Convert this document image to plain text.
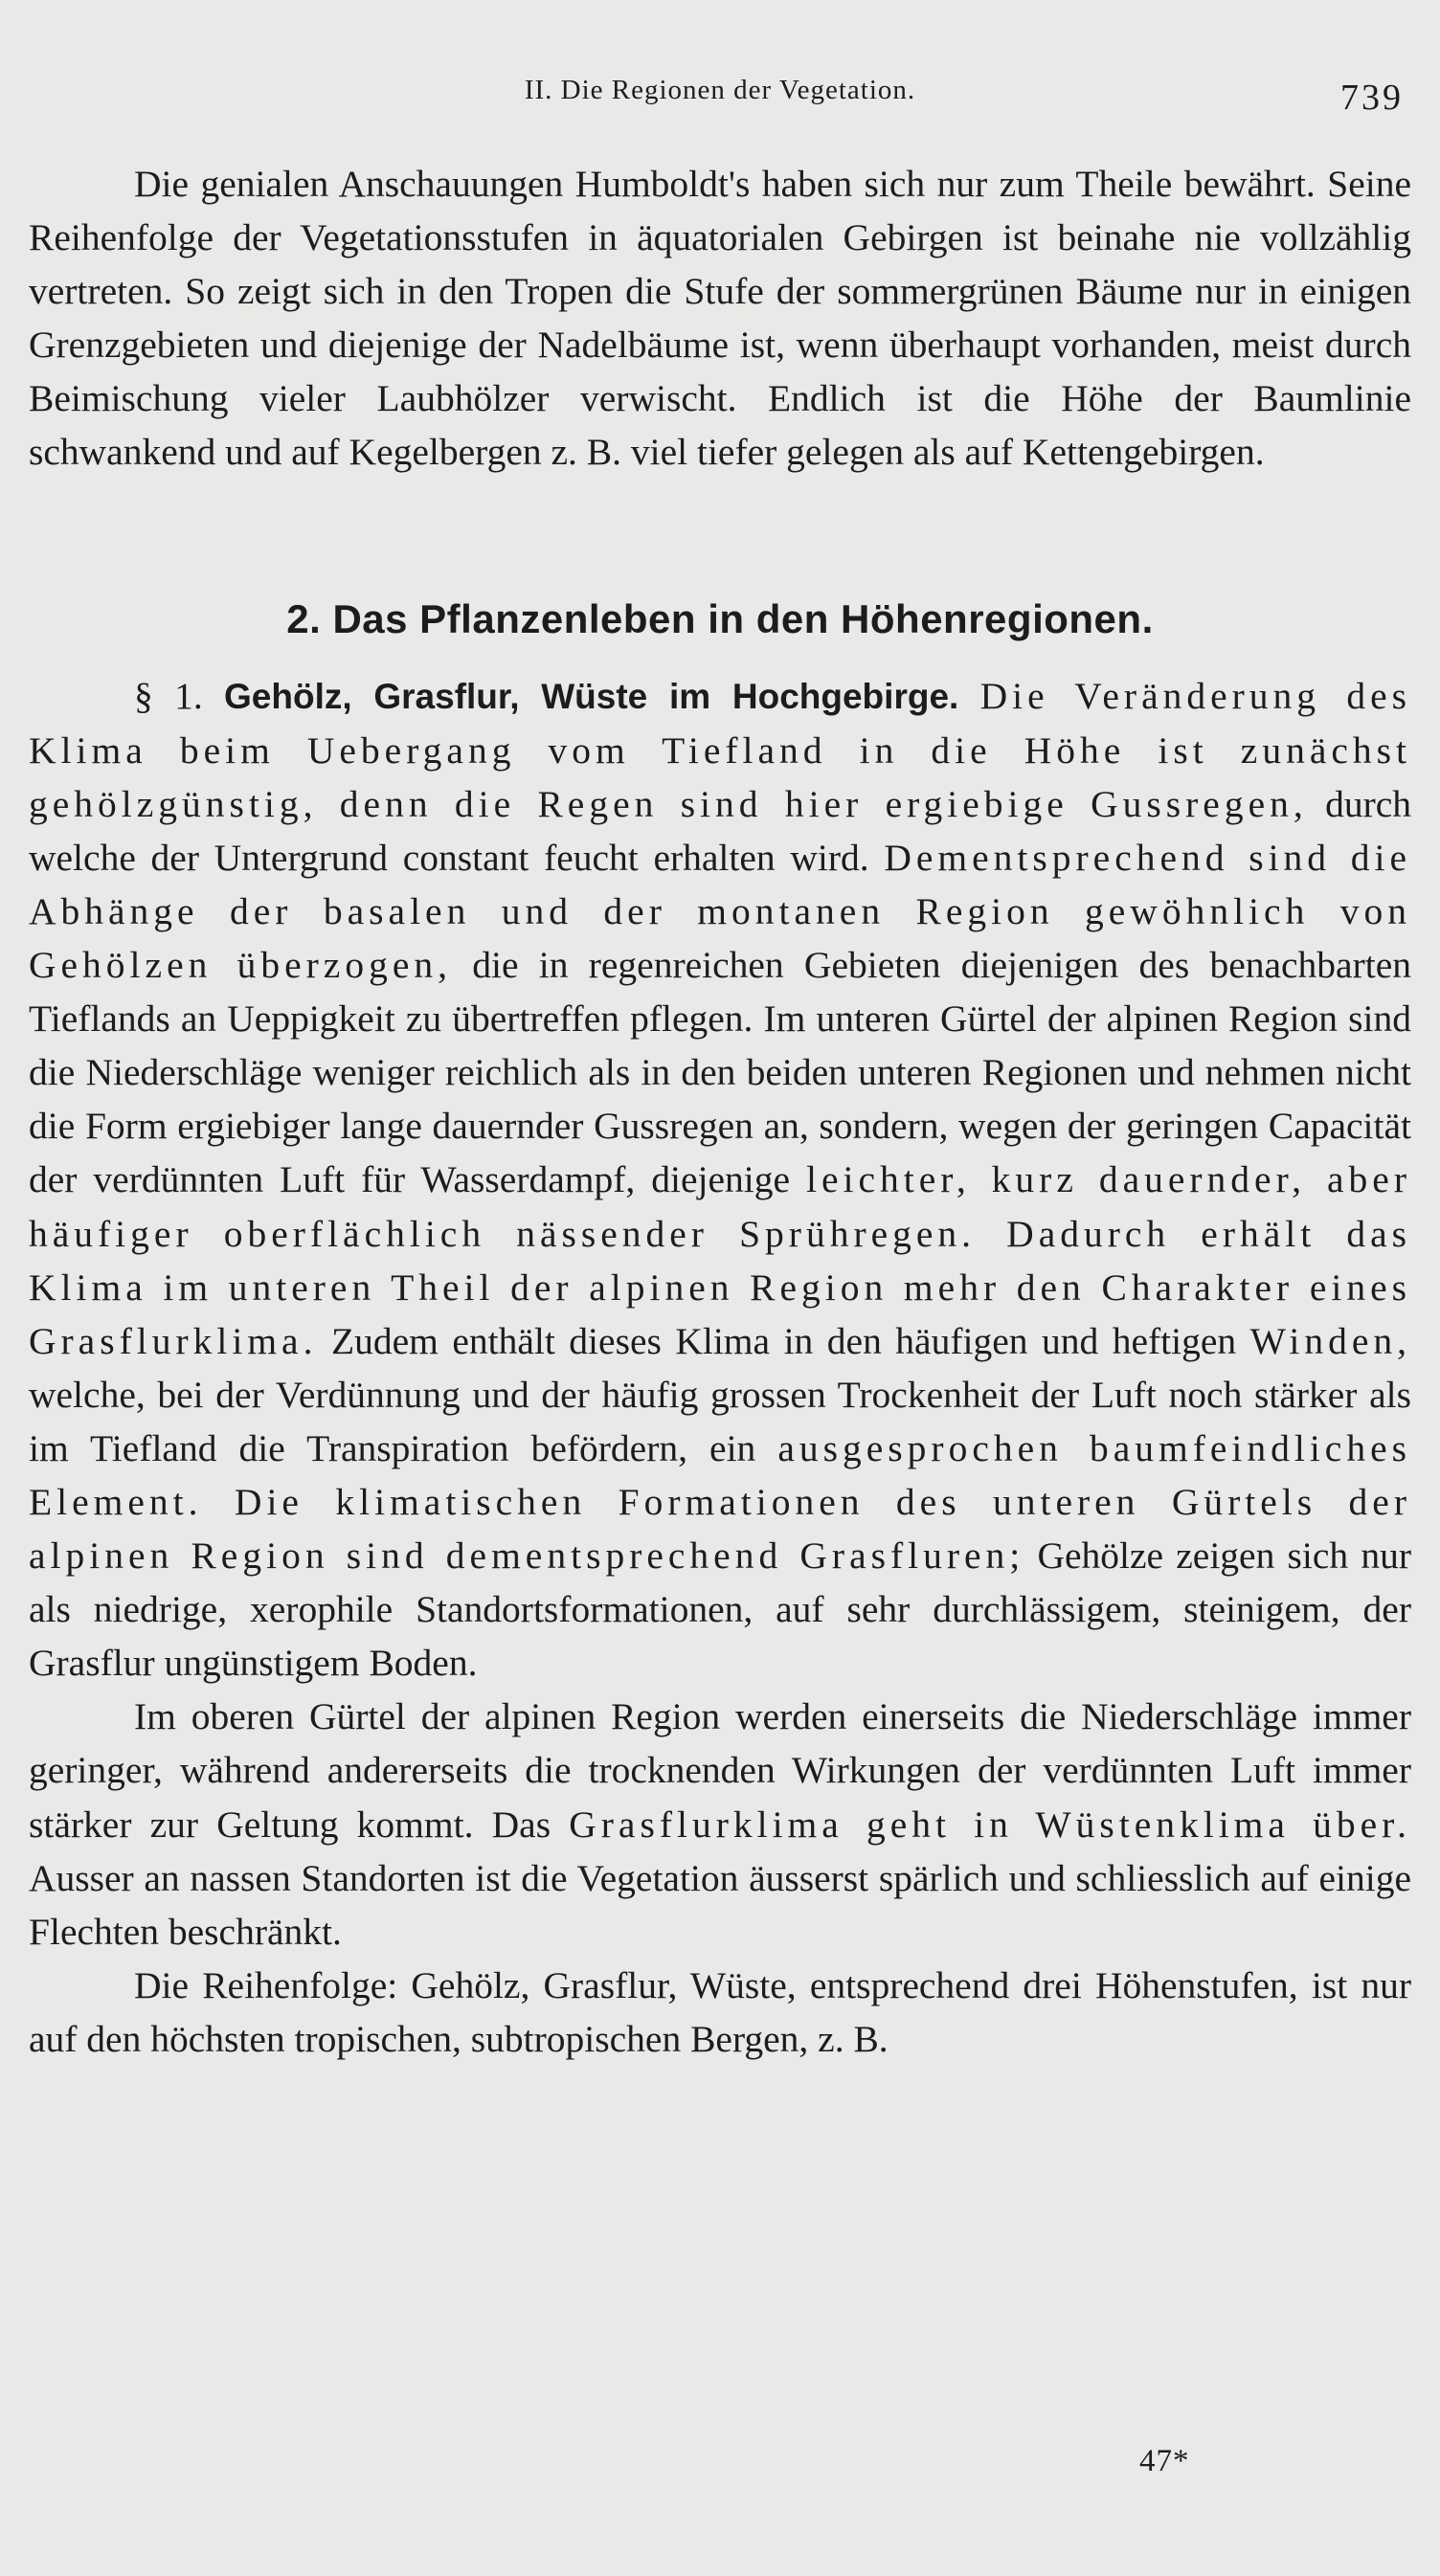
II. Die Regionen der Vegetation.	739

Die genialen Anschauungen Humboldt's haben sich nur zum Theile bewährt. Seine Reihenfolge der Vegetationsstufen in äquatorialen Gebirgen ist beinahe nie vollzählig vertreten. So zeigt sich in den Tropen die Stufe der sommergrünen Bäume nur in einigen Grenzgebieten und diejenige der Nadelbäume ist, wenn überhaupt vorhanden, meist durch Beimischung vieler Laubhölzer verwischt. Endlich ist die Höhe der Baumlinie schwankend und auf Kegelbergen z. B. viel tiefer gelegen als auf Kettengebirgen.

2. Das Pflanzenleben in den Höhenregionen.

§ 1. Gehölz, Grasflur, Wüste im Hochgebirge. Die Veränderung des Klima beim Uebergang vom Tiefland in die Höhe ist zunächst gehölzgünstig, denn die Regen sind hier ergiebige Gussregen, durch welche der Untergrund constant feucht erhalten wird. Dementsprechend sind die Abhänge der basalen und der montanen Region gewöhnlich von Gehölzen überzogen, die in regenreichen Gebieten diejenigen des benachbarten Tieflands an Ueppigkeit zu übertreffen pflegen. Im unteren Gürtel der alpinen Region sind die Niederschläge weniger reichlich als in den beiden unteren Regionen und nehmen nicht die Form ergiebiger lange dauernder Gussregen an, sondern, wegen der geringen Capacität der verdünnten Luft für Wasserdampf, diejenige leichter, kurz dauernder, aber häufiger oberflächlich nässender Sprühregen. Dadurch erhält das Klima im unteren Theil der alpinen Region mehr den Charakter eines Grasflurklima. Zudem enthält dieses Klima in den häufigen und heftigen Winden, welche, bei der Verdünnung und der häufig grossen Trockenheit der Luft noch stärker als im Tiefland die Transpiration befördern, ein ausgesprochen baumfeindliches Element. Die klimatischen Formationen des unteren Gürtels der alpinen Region sind dementsprechend Grasfluren; Gehölze zeigen sich nur als niedrige, xerophile Standortsformationen, auf sehr durchlässigem, steinigem, der Grasflur ungünstigem Boden.

Im oberen Gürtel der alpinen Region werden einerseits die Niederschläge immer geringer, während andererseits die trocknenden Wirkungen der verdünnten Luft immer stärker zur Geltung kommt. Das Grasflurklima geht in Wüstenklima über. Ausser an nassen Standorten ist die Vegetation äusserst spärlich und schliesslich auf einige Flechten beschränkt.

Die Reihenfolge: Gehölz, Grasflur, Wüste, entsprechend drei Höhenstufen, ist nur auf den höchsten tropischen, subtropischen Bergen, z. B.

47*
